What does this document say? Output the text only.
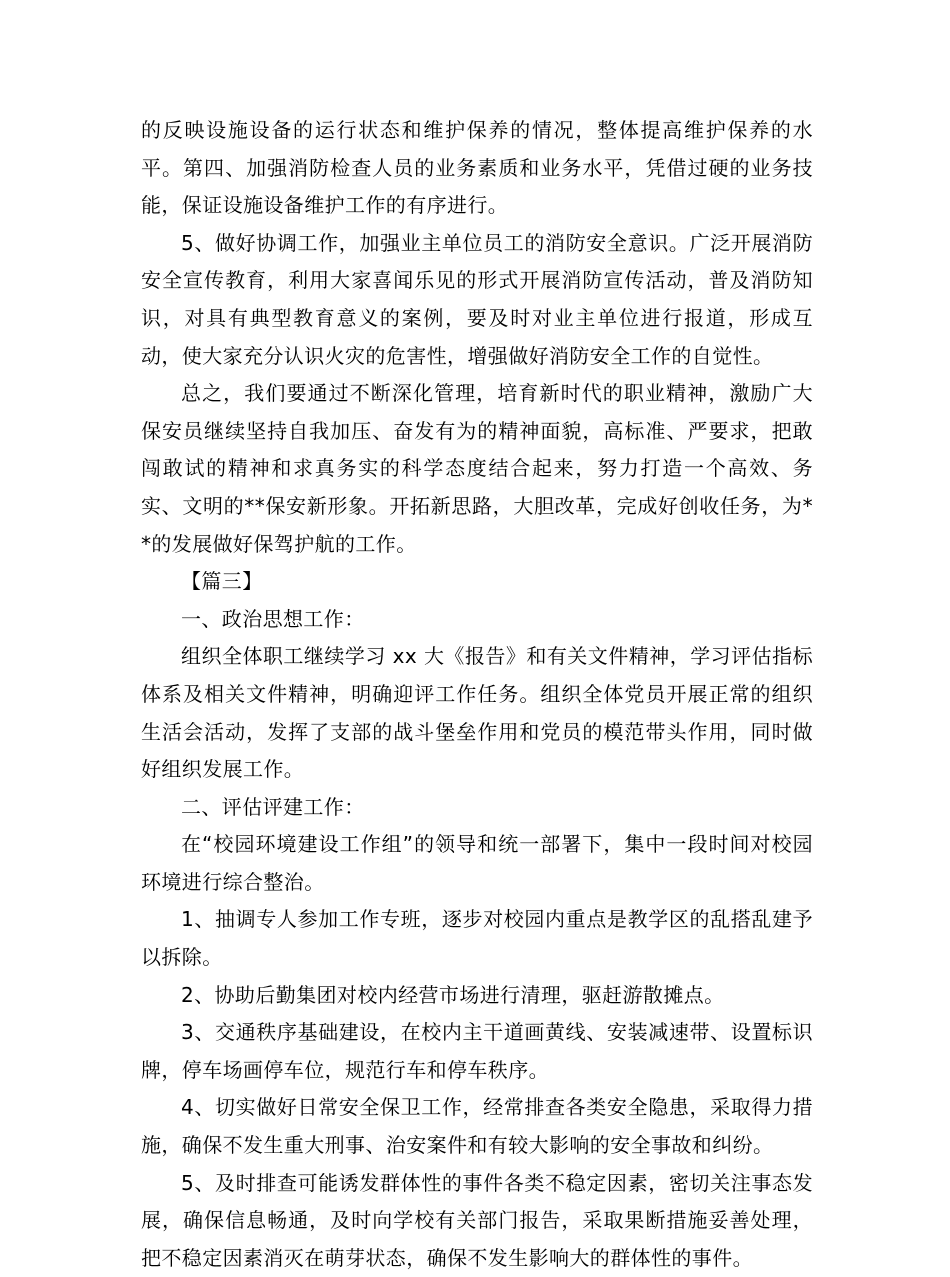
的反映设施设备的运行状态和维护保养的情况，整体提高维护保养的水平。第四、加强消防检查人员的业务素质和业务水平，凭借过硬的业务技能，保证设施设备维护工作的有序进行。

5、做好协调工作，加强业主单位员工的消防安全意识。广泛开展消防安全宣传教育，利用大家喜闻乐见的形式开展消防宣传活动，普及消防知识，对具有典型教育意义的案例，要及时对业主单位进行报道，形成互动，使大家充分认识火灾的危害性，增强做好消防安全工作的自觉性。

总之，我们要通过不断深化管理，培育新时代的职业精神，激励广大保安员继续坚持自我加压、奋发有为的精神面貌，高标准、严要求，把敢闯敢试的精神和求真务实的科学态度结合起来，努力打造一个高效、务实、文明的**保安新形象。开拓新思路，大胆改革，完成好创收任务，为**的发展做好保驾护航的工作。

【篇三】

一、政治思想工作：

组织全体职工继续学习 xx 大《报告》和有关文件精神，学习评估指标体系及相关文件精神，明确迎评工作任务。组织全体党员开展正常的组织生活会活动，发挥了支部的战斗堡垒作用和党员的模范带头作用，同时做好组织发展工作。

二、评估评建工作：

在“校园环境建设工作组”的领导和统一部署下，集中一段时间对校园环境进行综合整治。

1、抽调专人参加工作专班，逐步对校园内重点是教学区的乱搭乱建予以拆除。

2、协助后勤集团对校内经营市场进行清理，驱赶游散摊点。

3、交通秩序基础建设，在校内主干道画黄线、安装减速带、设置标识牌，停车场画停车位，规范行车和停车秩序。

4、切实做好日常安全保卫工作，经常排查各类安全隐患，采取得力措施，确保不发生重大刑事、治安案件和有较大影响的安全事故和纠纷。

5、及时排查可能诱发群体性的事件各类不稳定因素，密切关注事态发展，确保信息畅通，及时向学校有关部门报告，采取果断措施妥善处理，把不稳定因素消灭在萌芽状态，确保不发生影响大的群体性的事件。
